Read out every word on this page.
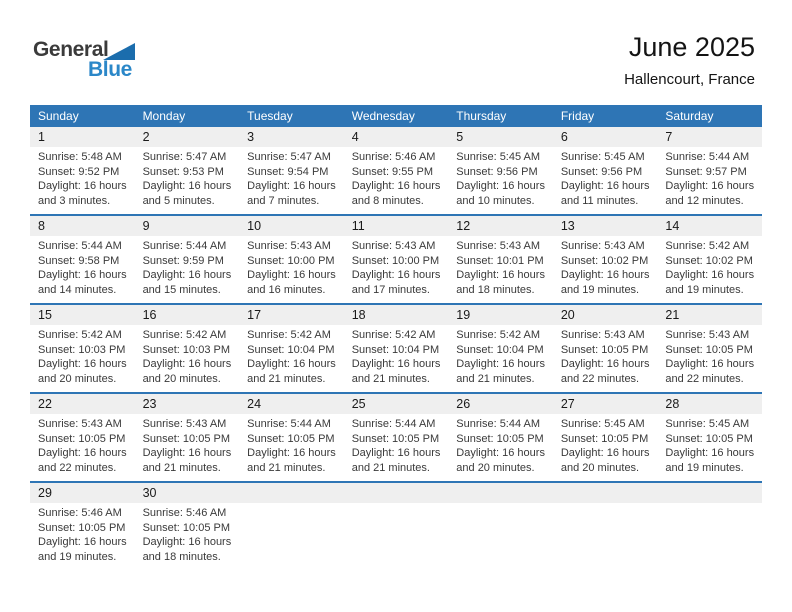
General
Blue
June 2025
Hallencourt, France
Sunday	Monday	Tuesday	Wednesday	Thursday	Friday	Saturday
1	2	3	4	5	6	7
Sunrise: 5:48 AM
Sunset: 9:52 PM
Daylight: 16 hours
and 3 minutes.
Sunrise: 5:47 AM
Sunset: 9:53 PM
Daylight: 16 hours
and 5 minutes.
Sunrise: 5:47 AM
Sunset: 9:54 PM
Daylight: 16 hours
and 7 minutes.
Sunrise: 5:46 AM
Sunset: 9:55 PM
Daylight: 16 hours
and 8 minutes.
Sunrise: 5:45 AM
Sunset: 9:56 PM
Daylight: 16 hours
and 10 minutes.
Sunrise: 5:45 AM
Sunset: 9:56 PM
Daylight: 16 hours
and 11 minutes.
Sunrise: 5:44 AM
Sunset: 9:57 PM
Daylight: 16 hours
and 12 minutes.
8	9	10	11	12	13	14
Sunrise: 5:44 AM
Sunset: 9:58 PM
Daylight: 16 hours
and 14 minutes.
Sunrise: 5:44 AM
Sunset: 9:59 PM
Daylight: 16 hours
and 15 minutes.
Sunrise: 5:43 AM
Sunset: 10:00 PM
Daylight: 16 hours
and 16 minutes.
Sunrise: 5:43 AM
Sunset: 10:00 PM
Daylight: 16 hours
and 17 minutes.
Sunrise: 5:43 AM
Sunset: 10:01 PM
Daylight: 16 hours
and 18 minutes.
Sunrise: 5:43 AM
Sunset: 10:02 PM
Daylight: 16 hours
and 19 minutes.
Sunrise: 5:42 AM
Sunset: 10:02 PM
Daylight: 16 hours
and 19 minutes.
15	16	17	18	19	20	21
Sunrise: 5:42 AM
Sunset: 10:03 PM
Daylight: 16 hours
and 20 minutes.
Sunrise: 5:42 AM
Sunset: 10:03 PM
Daylight: 16 hours
and 20 minutes.
Sunrise: 5:42 AM
Sunset: 10:04 PM
Daylight: 16 hours
and 21 minutes.
Sunrise: 5:42 AM
Sunset: 10:04 PM
Daylight: 16 hours
and 21 minutes.
Sunrise: 5:42 AM
Sunset: 10:04 PM
Daylight: 16 hours
and 21 minutes.
Sunrise: 5:43 AM
Sunset: 10:05 PM
Daylight: 16 hours
and 22 minutes.
Sunrise: 5:43 AM
Sunset: 10:05 PM
Daylight: 16 hours
and 22 minutes.
22	23	24	25	26	27	28
Sunrise: 5:43 AM
Sunset: 10:05 PM
Daylight: 16 hours
and 22 minutes.
Sunrise: 5:43 AM
Sunset: 10:05 PM
Daylight: 16 hours
and 21 minutes.
Sunrise: 5:44 AM
Sunset: 10:05 PM
Daylight: 16 hours
and 21 minutes.
Sunrise: 5:44 AM
Sunset: 10:05 PM
Daylight: 16 hours
and 21 minutes.
Sunrise: 5:44 AM
Sunset: 10:05 PM
Daylight: 16 hours
and 20 minutes.
Sunrise: 5:45 AM
Sunset: 10:05 PM
Daylight: 16 hours
and 20 minutes.
Sunrise: 5:45 AM
Sunset: 10:05 PM
Daylight: 16 hours
and 19 minutes.
29	30
Sunrise: 5:46 AM
Sunset: 10:05 PM
Daylight: 16 hours
and 19 minutes.
Sunrise: 5:46 AM
Sunset: 10:05 PM
Daylight: 16 hours
and 18 minutes.
